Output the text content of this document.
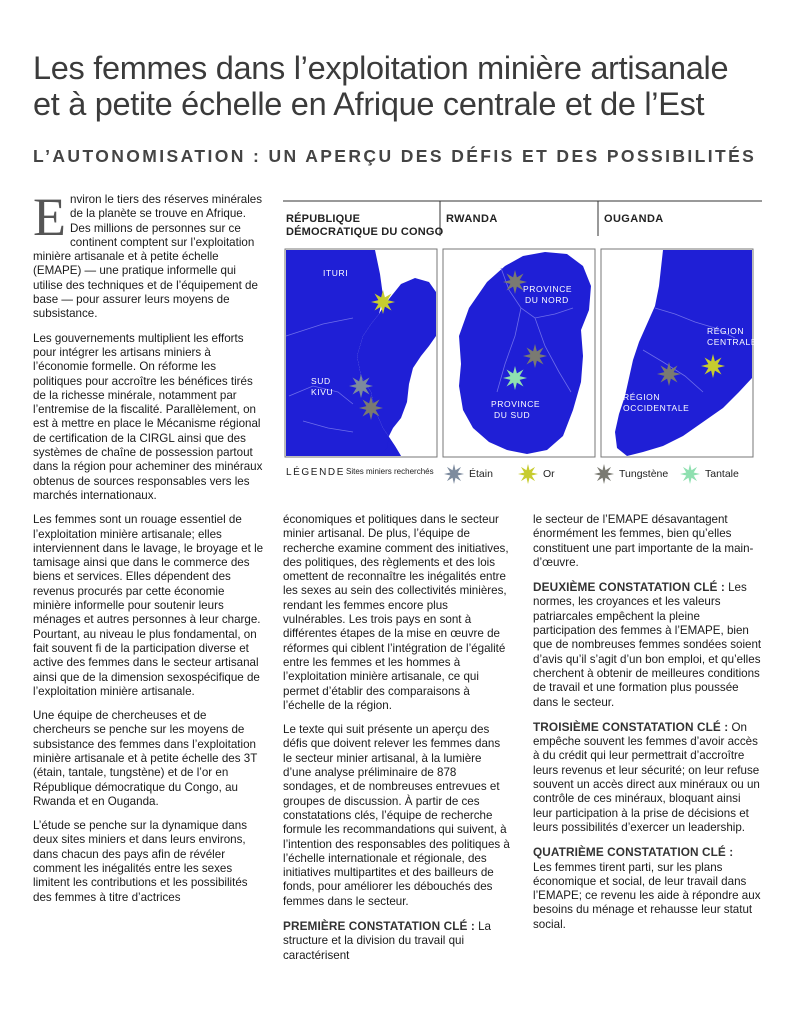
Les femmes dans l’exploitation minière artisanale
et à petite échelle en Afrique centrale et de l’Est
L’AUTONOMISATION : UN APERÇU DES DÉFIS ET DES POSSIBILITÉS

Environ le tiers des réserves minérales de la planète se trouve en Afrique. Des millions de personnes sur ce continent comptent sur l’exploitation minière artisanale et à petite échelle (EMAPE) — une pratique informelle qui utilise des techniques et de l’équipement de base — pour assurer leurs moyens de subsistance.

Les gouvernements multiplient les efforts pour intégrer les artisans miniers à l’économie formelle. On réforme les politiques pour accroître les bénéfices tirés de la richesse minérale, notamment par l’entremise de la fiscalité. Parallèlement, on est à mettre en place le Mécanisme régional de certification de la CIRGL ainsi que des systèmes de chaîne de possession partout dans la région pour acheminer des minéraux obtenus de sources responsables vers les marchés internationaux.

Les femmes sont un rouage essentiel de l’exploitation minière artisanale; elles interviennent dans le lavage, le broyage et le tamisage ainsi que dans le commerce des biens et services. Elles dépendent des revenus procurés par cette économie minière informelle pour soutenir leurs ménages et autres personnes à leur charge. Pourtant, au niveau le plus fondamental, on fait souvent fi de la participation diverse et active des femmes dans le secteur artisanal ainsi que de la dimension sexospécifique de l’exploitation minière artisanale.

Une équipe de chercheuses et de chercheurs se penche sur les moyens de subsistance des femmes dans l’exploitation minière artisanale et à petite échelle des 3T (étain, tantale, tungstène) et de l’or en République démocratique du Congo, au Rwanda et en Ouganda.

L’étude se penche sur la dynamique dans deux sites miniers et dans leurs environs, dans chacun des pays afin de révéler comment les inégalités entre les sexes limitent les contributions et les possibilités des femmes à titre d’actrices

RÉPUBLIQUE
DÉMOCRATIQUE DU CONGO
RWANDA	OUGANDA
ITURI
SUD
KIVU
PROVINCE
DU NORD
PROVINCE
DU SUD
RÉGION
CENTRALE
RÉGION
OCCIDENTALE
LÉGENDE Sites miniers recherchés	Étain	Or	Tungstène	Tantale

économiques et politiques dans le secteur minier artisanal. De plus, l’équipe de recherche examine comment des initiatives, des politiques, des règlements et des lois omettent de reconnaître les inégalités entre les sexes au sein des collectivités minières, rendant les femmes encore plus vulnérables. Les trois pays en sont à différentes étapes de la mise en œuvre de réformes qui ciblent l’intégration de l’égalité entre les femmes et les hommes à l’exploitation minière artisanale, ce qui permet d’établir des comparaisons à l’échelle de la région.

Le texte qui suit présente un aperçu des défis que doivent relever les femmes dans le secteur minier artisanal, à la lumière d’une analyse préliminaire de 878 sondages, et de nombreuses entrevues et groupes de discussion. À partir de ces constatations clés, l’équipe de recherche formule les recommandations qui suivent, à l’intention des responsables des politiques à l’échelle internationale et régionale, des initiatives multipartites et des bailleurs de fonds, pour améliorer les débouchés des femmes dans le secteur.

PREMIÈRE CONSTATATION CLÉ : La structure et la division du travail qui caractérisent

le secteur de l’EMAPE désavantagent énormément les femmes, bien qu’elles constituent une part importante de la main-d’œuvre.

DEUXIÈME CONSTATATION CLÉ : Les normes, les croyances et les valeurs patriarcales empêchent la pleine participation des femmes à l’EMAPE, bien que de nombreuses femmes sondées soient d’avis qu’il s’agit d’un bon emploi, et qu’elles cherchent à obtenir de meilleures conditions de travail et une formation plus poussée dans le secteur.

TROISIÈME CONSTATATION CLÉ : On empêche souvent les femmes d’avoir accès à du crédit qui leur permettrait d’accroître leurs revenus et leur sécurité; on leur refuse souvent un accès direct aux minéraux ou un contrôle de ces minéraux, bloquant ainsi leur participation à la prise de décisions et leurs possibilités d’exercer un leadership.

QUATRIÈME CONSTATATION CLÉ :
Les femmes tirent parti, sur les plans économique et social, de leur travail dans l’EMAPE; ce revenu les aide à répondre aux besoins du ménage et rehausse leur statut social.
